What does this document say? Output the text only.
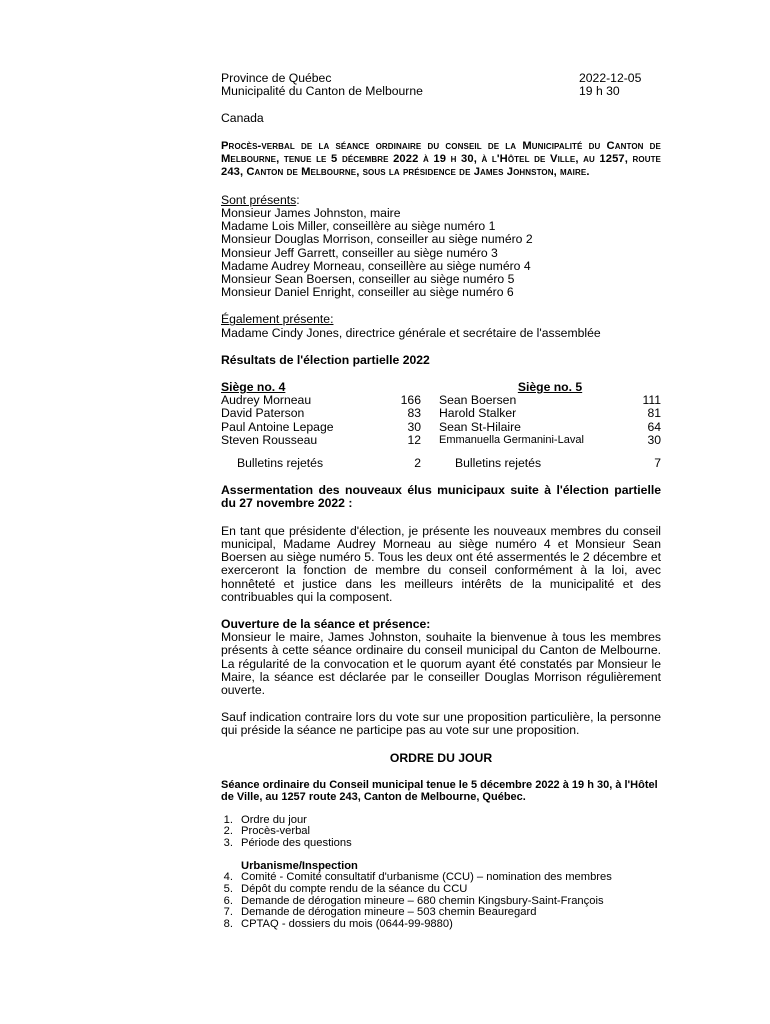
Province de Québec	2022-12-05
Municipalité du Canton de Melbourne	19 h 30
Canada
Procès-verbal de la séance ordinaire du conseil de la Municipalité du Canton de Melbourne, tenue le 5 décembre 2022 à 19 h 30, à l'Hôtel de Ville, au 1257, route 243, Canton de Melbourne, sous la présidence de James Johnston, maire.
Sont présents:
Monsieur James Johnston, maire
Madame Lois Miller, conseillère au siège numéro 1
Monsieur Douglas Morrison, conseiller au siège numéro 2
Monsieur Jeff Garrett, conseiller au siège numéro 3
Madame Audrey Morneau, conseillère au siège numéro 4
Monsieur Sean Boersen, conseiller au siège numéro 5
Monsieur Daniel Enright, conseiller au siège numéro 6
Également présente:
Madame Cindy Jones, directrice générale et secrétaire de l'assemblée
Résultats de l'élection partielle 2022
Siège no. 4
Audrey Morneau	166
David Paterson	83
Paul Antoine Lepage	30
Steven Rousseau	12
Bulletins rejetés	2
Siège no. 5
Sean Boersen	111
Harold Stalker	81
Sean St-Hilaire	64
Emmanuella Germanini-Laval	30
Bulletins rejetés	7
Assermentation des nouveaux élus municipaux suite à l'élection partielle du 27 novembre 2022 :
En tant que présidente d'élection, je présente les nouveaux membres du conseil municipal, Madame Audrey Morneau au siège numéro 4 et Monsieur Sean Boersen au siège numéro 5. Tous les deux ont été assermentés le 2 décembre et exerceront la fonction de membre du conseil conformément à la loi, avec honnêteté et justice dans les meilleurs intérêts de la municipalité et des contribuables qui la composent.
Ouverture de la séance et présence:
Monsieur le maire, James Johnston, souhaite la bienvenue à tous les membres présents à cette séance ordinaire du conseil municipal du Canton de Melbourne. La régularité de la convocation et le quorum ayant été constatés par Monsieur le Maire, la séance est déclarée par le conseiller Douglas Morrison régulièrement ouverte.
Sauf indication contraire lors du vote sur une proposition particulière, la personne qui préside la séance ne participe pas au vote sur une proposition.
ORDRE DU JOUR
Séance ordinaire du Conseil municipal tenue le 5 décembre 2022 à 19 h 30, à l'Hôtel de Ville, au 1257 route 243, Canton de Melbourne, Québec.
1. Ordre du jour
2. Procès-verbal
3. Période des questions
Urbanisme/Inspection
4. Comité - Comité consultatif d'urbanisme (CCU) – nomination des membres
5. Dépôt du compte rendu de la séance du CCU
6. Demande de dérogation mineure – 680 chemin Kingsbury-Saint-François
7. Demande de dérogation mineure – 503 chemin Beauregard
8. CPTAQ - dossiers du mois (0644-99-9880)
